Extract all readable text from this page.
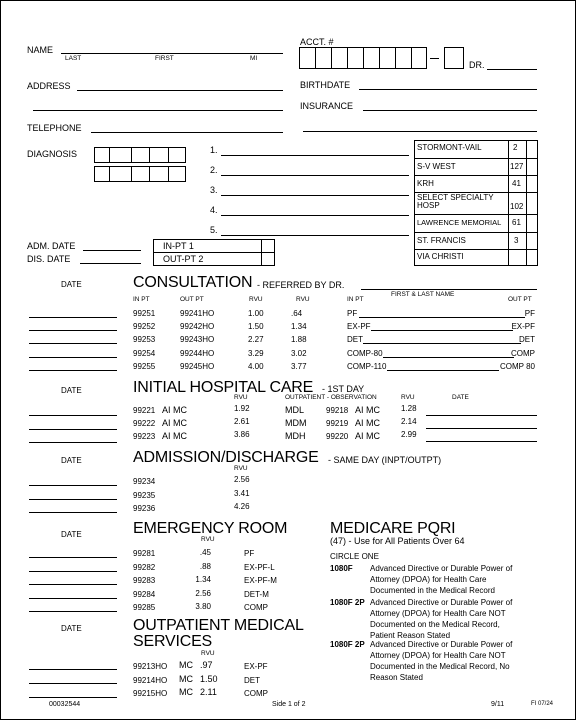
NAME
LAST	FIRST	MI
ACCT. #
DR.
ADDRESS	BIRTHDATE
INSURANCE
TELEPHONE
DIAGNOSIS	1.
2.
3.
4.
5.
ADM. DATE
DIS. DATE
IN-PT 1
OUT-PT 2
STORMONT-VAIL	2
S-V WEST	127
KRH	41
SELECT SPECIALTY HOSP	102
LAWRENCE MEMORIAL 61
ST. FRANCIS	3
VIA CHRISTI
DATE	CONSULTATION - REFERRED BY DR.
IN PT	OUT PT	RVU	RVU	IN PT
FIRST & LAST NAME
OUT PT
99251	99241HO	1.00	.64	PF	PF
99252	99242HO	1.50	1.34	EX-PF	EX-PF
99253	99243HO	2.27	1.88	DET	DET
99254	99244HO	3.29	3.02	COMP-80	COMP
99255	99245HO	4.00	3.77	COMP-110	COMP 80
DATE	INITIAL HOSPITAL CARE - 1ST DAY
RVU	OUTPATIENT - OBSERVATION	RVU	DATE
99221 AI MC	1.92	MDL	99218 AI MC	1.28
99222 AI MC	2.61	MDM 99219 AI MC	2.14
99223 AI MC	3.86	MDH	99220 AI MC	2.99
DATE	ADMISSION/DISCHARGE - SAME DAY (INPT/OUTPT)
RVU
99234	2.56
99235	3.41
99236	4.26
DATE	EMERGENCY ROOM
RVU
99281	.45	PF
99282	.88	EX-PF-L
99283	1.34	EX-PF-M
99284	2.56	DET-M
99285	3.80	COMP
DATE	OUTPATIENT MEDICAL
SERVICES
RVU
99213HO MC .97	EX-PF
99214HO MC 1.50	DET
99215HO MC 2.11	COMP
MEDICARE PQRI
(47) - Use for All Patients Over 64
CIRCLE ONE
1080F Advanced Directive or Durable Power of
Attorney (DPOA) for Health Care
Documented in the Medical Record
1080F 2P Advanced Directive or Durable Power of
Attorney (DPOA) for Health Care NOT
Documented on the Medical Record,
Patient Reason Stated
1080F 2P Advanced Directive or Durable Power of
Attorney (DPOA) for Health Care NOT
Documented in the Medical Record, No
Reason Stated
00032544	Side 1 of 2	9/11	FI 07/24
